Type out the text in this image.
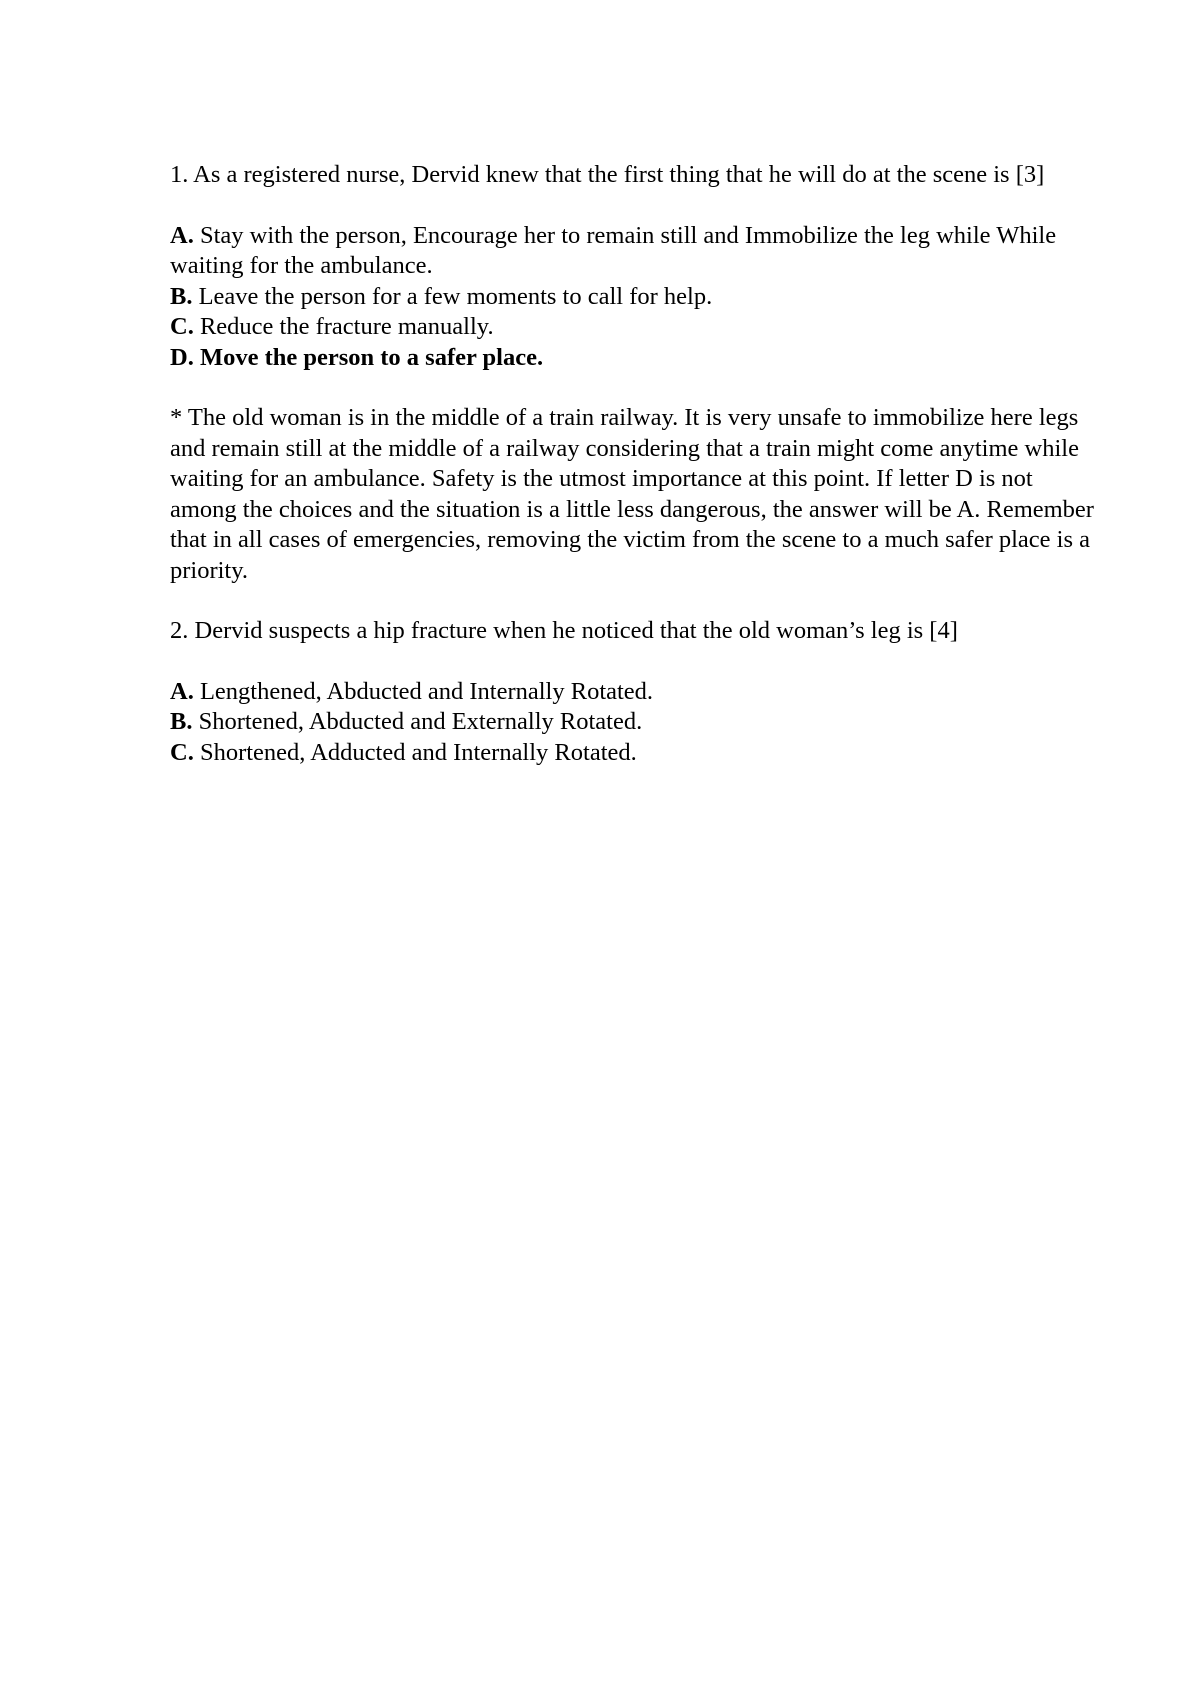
1. As a registered nurse, Dervid knew that the first thing that he will do at the scene is [3]

A. Stay with the person, Encourage her to remain still and Immobilize the leg while While waiting for the ambulance.

B. Leave the person for a few moments to call for help.

C. Reduce the fracture manually.

D. Move the person to a safer place.

* The old woman is in the middle of a train railway. It is very unsafe to immobilize here legs and remain still at the middle of a railway considering that a train might come anytime while waiting for an ambulance. Safety is the utmost importance at this point. If letter D is not among the choices and the situation is a little less dangerous, the answer will be A. Remember that in all cases of emergencies, removing the victim from the scene to a much safer place is a priority.

2. Dervid suspects a hip fracture when he noticed that the old woman’s leg is [4]

A. Lengthened, Abducted and Internally Rotated.

B. Shortened, Abducted and Externally Rotated.

C. Shortened, Adducted and Internally Rotated.
